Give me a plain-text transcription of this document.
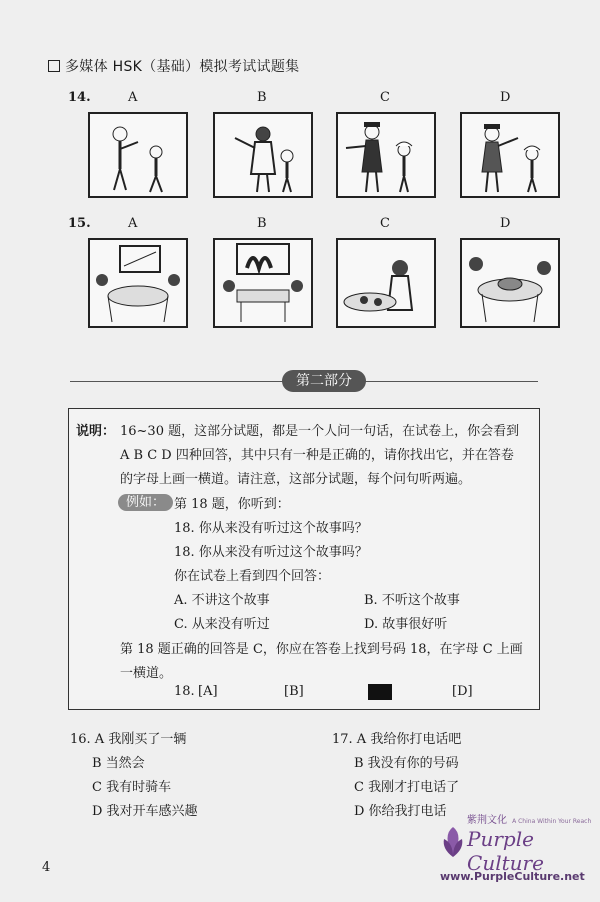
多媒体 HSK（基础）模拟考试试题集
14.	A	B	C	D
15.	A	B	C	D
第二部分
说明： 16~30 题，这部分试题，都是一个人问一句话，在试卷上，你会看到
A B C D 四种回答，其中只有一种是正确的，请你找出它，并在答卷
的字母上画一横道。请注意，这部分试题，每个问句听两遍。
例如： 第 18 题，你听到：
18. 你从来没有听过这个故事吗？
18. 你从来没有听过这个故事吗？
你在试卷上看到四个回答：
A. 不讲这个故事	B. 不听这个故事
C. 从来没有听过	D. 故事很好听
第 18 题正确的回答是 C，你应在答卷上找到号码 18，在字母 C 上画
一横道。
18. [A]	[B]	[D]
16. A 我刚买了一辆
B 当然会
C 我有时骑车
D 我对开车感兴趣
17. A 我给你打电话吧
B 我没有你的号码
C 我刚才打电话了
D 你给我打电话
4
紫荆文化 A China Within Your Reach
Purple Culture
www.PurpleCulture.net
